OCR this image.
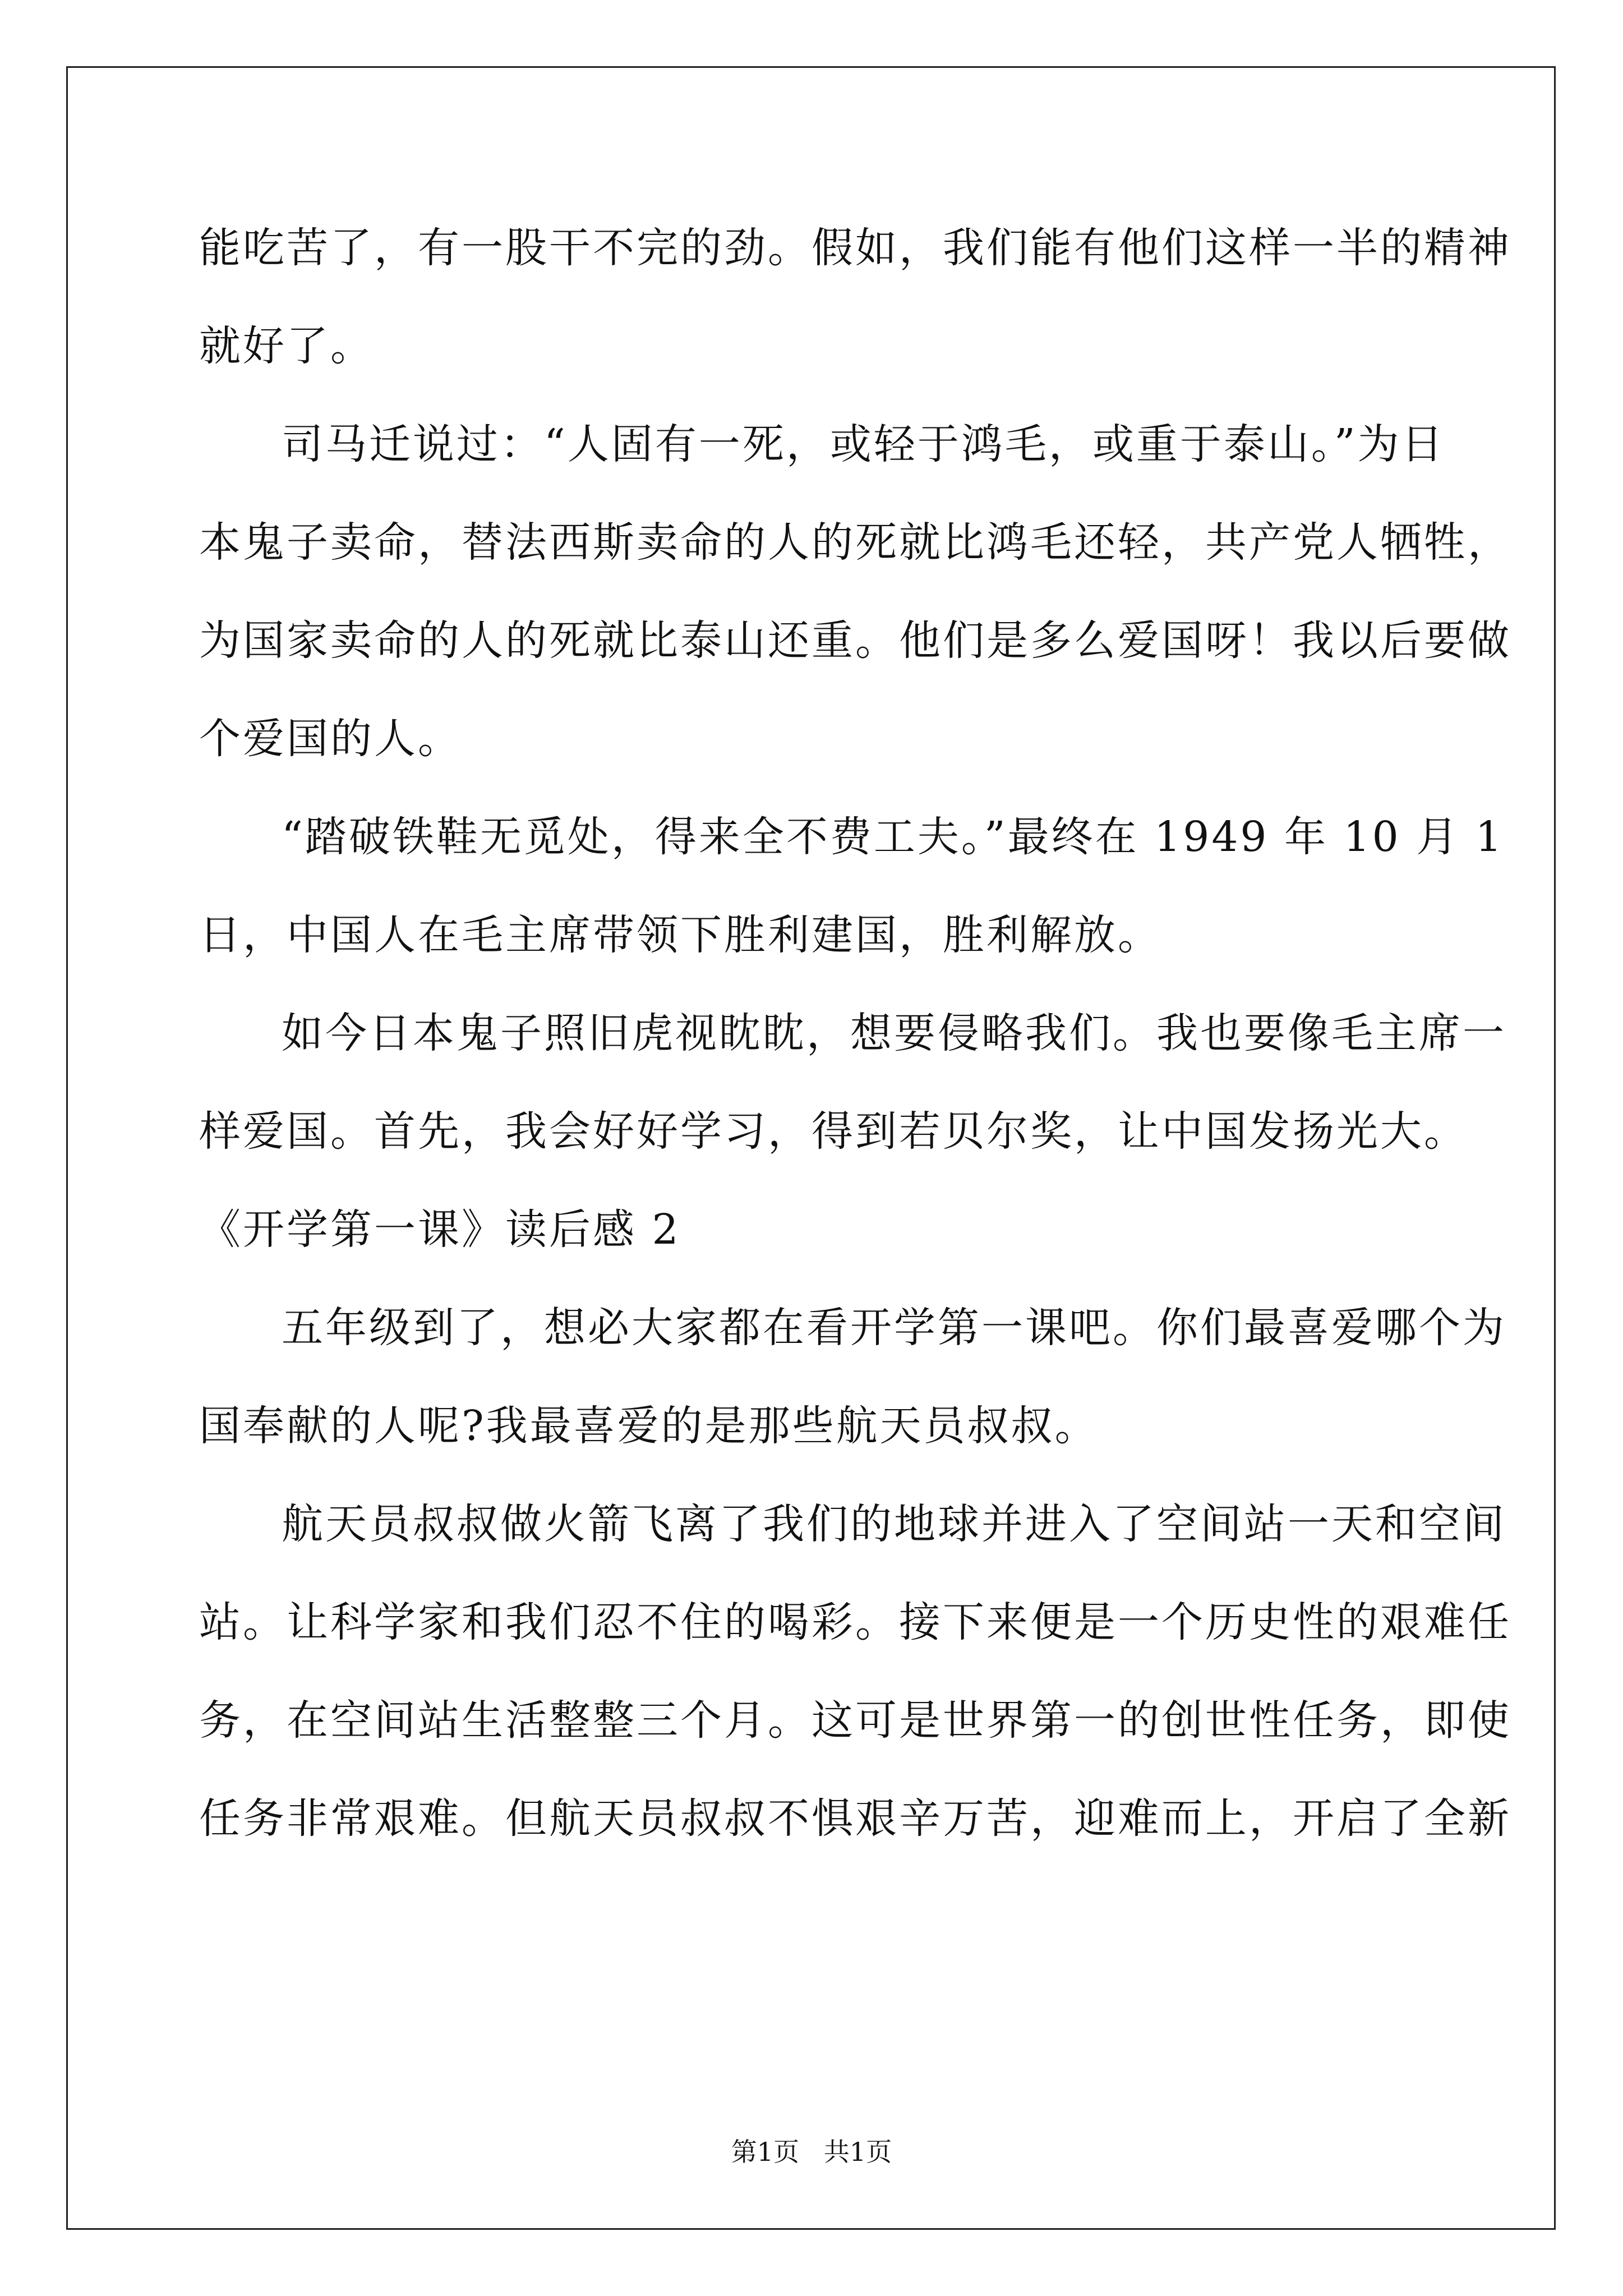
能吃苦了，有一股干不完的劲。假如，我们能有他们这样一半的精神
就好了。
司马迁说过：“人固有一死，或轻于鸿毛，或重于泰山。”为日
本鬼子卖命，替法西斯卖命的人的死就比鸿毛还轻，共产党人牺牲，
为国家卖命的人的死就比泰山还重。他们是多么爱国呀！我以后要做
个爱国的人。
“踏破铁鞋无觅处，得来全不费工夫。”最终在 1949 年 10 月 1
日，中国人在毛主席带领下胜利建国，胜利解放。
如今日本鬼子照旧虎视眈眈，想要侵略我们。我也要像毛主席一
样爱国。首先，我会好好学习，得到若贝尔奖，让中国发扬光大。
《开学第一课》读后感 2
五年级到了，想必大家都在看开学第一课吧。你们最喜爱哪个为
国奉献的人呢?我最喜爱的是那些航天员叔叔。
航天员叔叔做火箭飞离了我们的地球并进入了空间站一天和空间
站。让科学家和我们忍不住的喝彩。接下来便是一个历史性的艰难任
务，在空间站生活整整三个月。这可是世界第一的创世性任务，即使
任务非常艰难。但航天员叔叔不惧艰辛万苦，迎难而上，开启了全新
第1页   共1页
